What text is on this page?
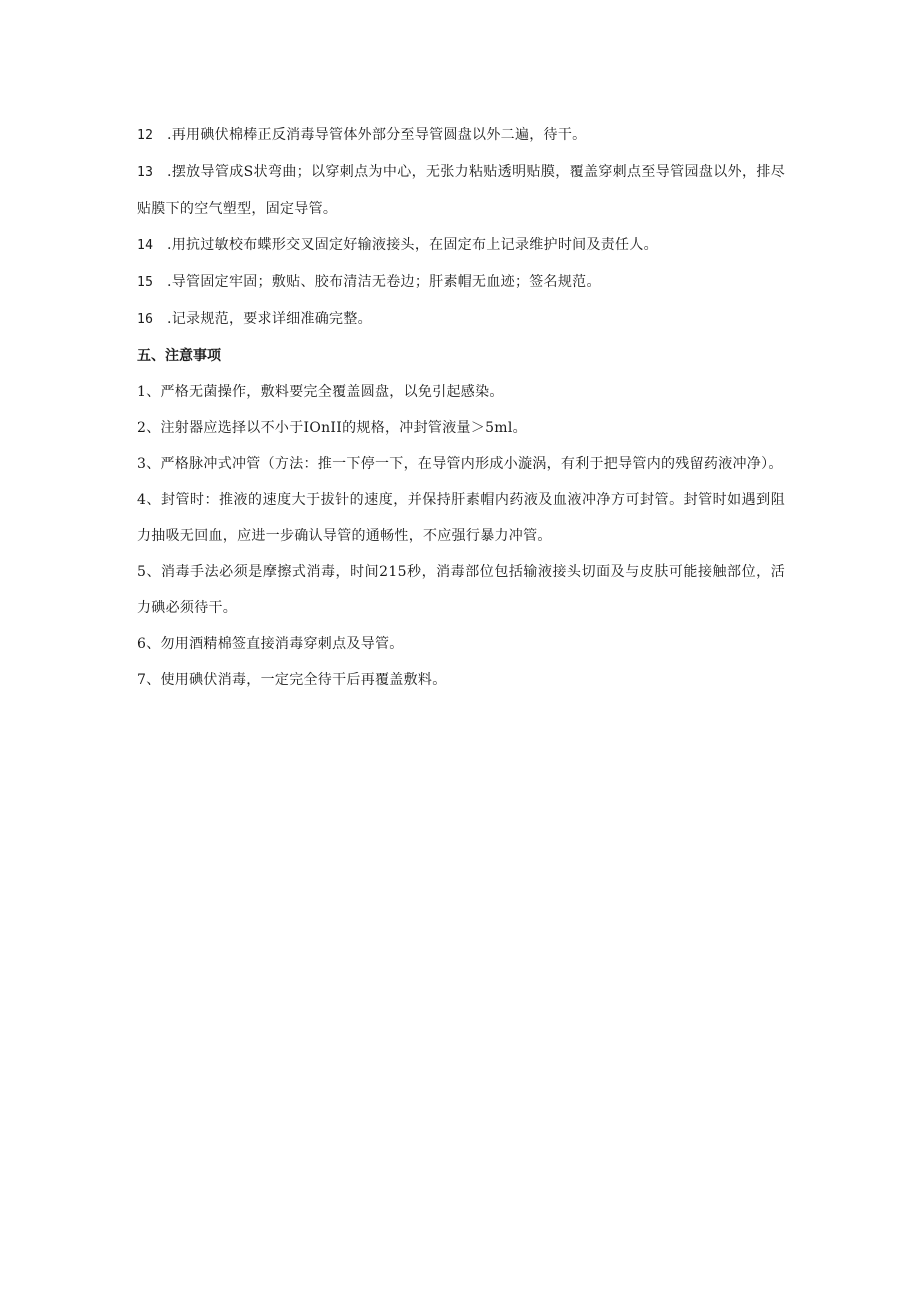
12 .再用碘伏棉棒正反消毒导管体外部分至导管圆盘以外二遍，待干。

13 .摆放导管成S状弯曲；以穿刺点为中心，无张力粘贴透明贴膜，覆盖穿刺点至导管园盘以外，排尽贴膜下的空气塑型，固定导管。

14 .用抗过敏校布蝶形交叉固定好输液接头，在固定布上记录维护时间及责任人。

15 .导管固定牢固；敷贴、胶布清洁无卷边；肝素帽无血迹；签名规范。

16 .记录规范，要求详细准确完整。

五、注意事项

1、严格无菌操作，敷料要完全覆盖圆盘，以免引起感染。

2、注射器应选择以不小于IOnII的规格，冲封管液量＞5ml。

3、严格脉冲式冲管（方法：推一下停一下，在导管内形成小漩涡，有利于把导管内的残留药液冲净）。

4、封管时：推液的速度大于拔针的速度，并保持肝素帽内药液及血液冲净方可封管。封管时如遇到阻力抽吸无回血，应进一步确认导管的通畅性，不应强行暴力冲管。

5、消毒手法必须是摩擦式消毒，时间215秒，消毒部位包括输液接头切面及与皮肤可能接触部位，活力碘必须待干。

6、勿用酒精棉签直接消毒穿刺点及导管。

7、使用碘伏消毒，一定完全待干后再覆盖敷料。
